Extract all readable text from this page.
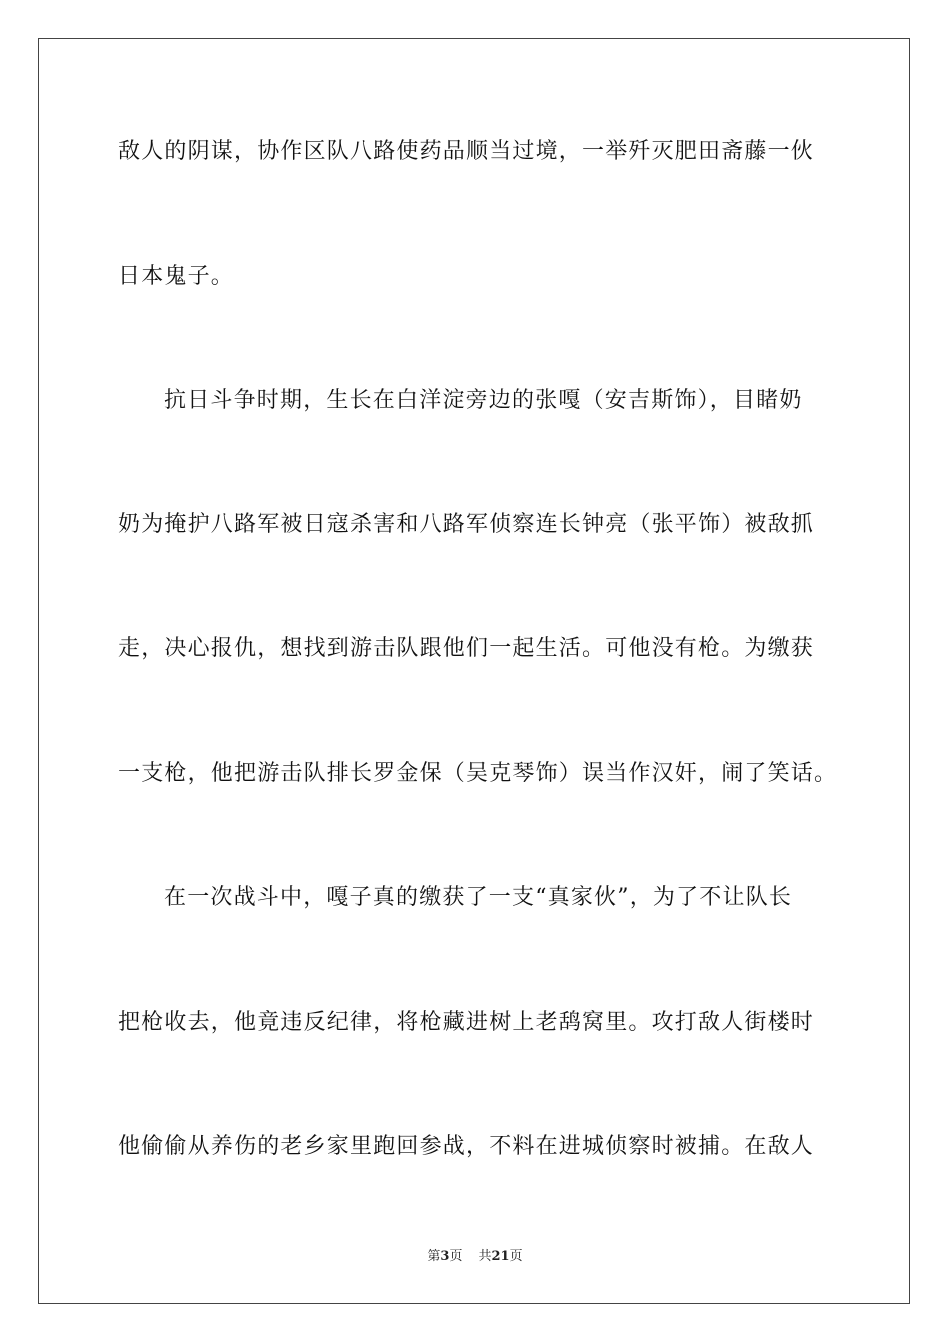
敌人的阴谋，协作区队八路使药品顺当过境，一举歼灭肥田斋藤一伙
日本鬼子。
抗日斗争时期，生长在白洋淀旁边的张嘎（安吉斯饰），目睹奶
奶为掩护八路军被日寇杀害和八路军侦察连长钟亮（张平饰）被敌抓
走，决心报仇，想找到游击队跟他们一起生活。可他没有枪。为缴获
一支枪，他把游击队排长罗金保（吴克琴饰）误当作汉奸，闹了笑话。
在一次战斗中，嘎子真的缴获了一支“真家伙”，为了不让队长
把枪收去，他竟违反纪律，将枪藏进树上老鸹窝里。攻打敌人街楼时
他偷偷从养伤的老乡家里跑回参战，不料在进城侦察时被捕。在敌人
第3页 共21页
